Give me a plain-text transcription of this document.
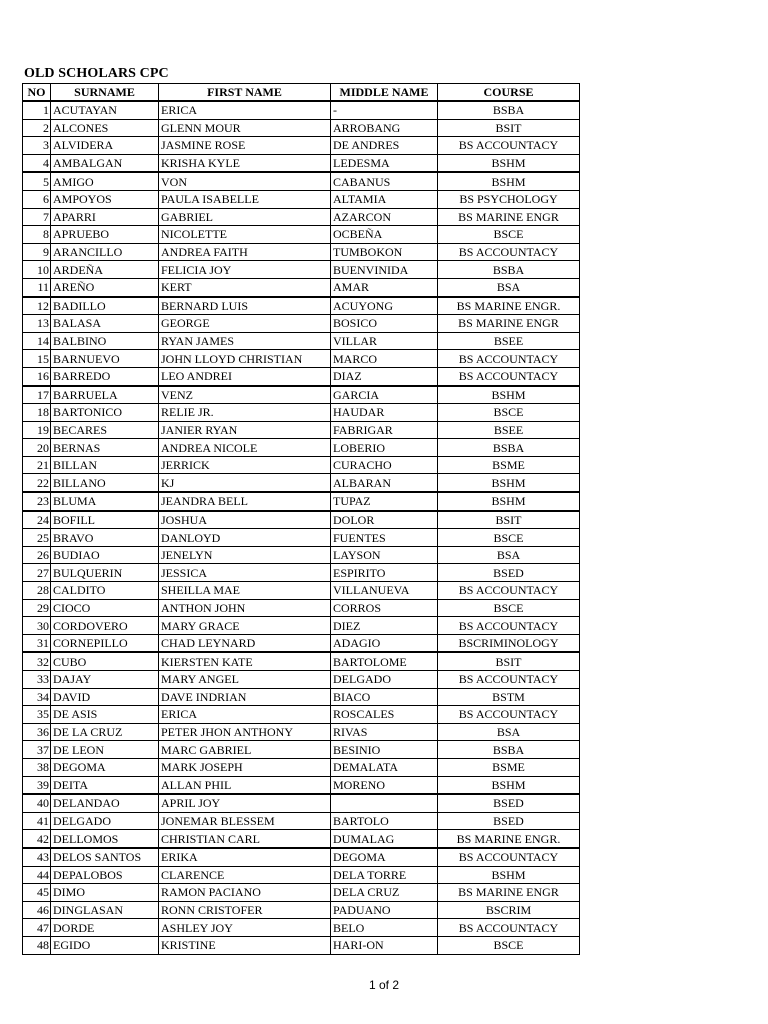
OLD SCHOLARS CPC
NO	SURNAME	FIRST NAME	MIDDLE NAME	COURSE
1	ACUTAYAN	ERICA	-	BSBA
2	ALCONES	GLENN MOUR	ARROBANG	BSIT
3	ALVIDERA	JASMINE ROSE	DE ANDRES	BS ACCOUNTACY
4	AMBALGAN	KRISHA KYLE	LEDESMA	BSHM
5	AMIGO	VON	CABANUS	BSHM
6	AMPOYOS	PAULA ISABELLE	ALTAMIA	BS PSYCHOLOGY
7	APARRI	GABRIEL	AZARCON	BS MARINE ENGR
8	APRUEBO	NICOLETTE	OCBEÑA	BSCE
9	ARANCILLO	ANDREA FAITH	TUMBOKON	BS ACCOUNTACY
10	ARDEÑA	FELICIA JOY	BUENVINIDA	BSBA
11	AREÑO	KERT	AMAR	BSA
12	BADILLO	BERNARD LUIS	ACUYONG	BS MARINE ENGR.
13	BALASA	GEORGE	BOSICO	BS MARINE ENGR
14	BALBINO	RYAN JAMES	VILLAR	BSEE
15	BARNUEVO	JOHN LLOYD CHRISTIAN	MARCO	BS ACCOUNTACY
16	BARREDO	LEO ANDREI	DIAZ	BS ACCOUNTACY
17	BARRUELA	VENZ	GARCIA	BSHM
18	BARTONICO	RELIE JR.	HAUDAR	BSCE
19	BECARES	JANIER RYAN	FABRIGAR	BSEE
20	BERNAS	ANDREA NICOLE	LOBERIO	BSBA
21	BILLAN	JERRICK	CURACHO	BSME
22	BILLANO	KJ	ALBARAN	BSHM
23	BLUMA	JEANDRA BELL	TUPAZ	BSHM
24	BOFILL	JOSHUA	DOLOR	BSIT
25	BRAVO	DANLOYD	FUENTES	BSCE
26	BUDIAO	JENELYN	LAYSON	BSA
27	BULQUERIN	JESSICA	ESPIRITO	BSED
28	CALDITO	SHEILLA MAE	VILLANUEVA	BS ACCOUNTACY
29	CIOCO	ANTHON JOHN	CORROS	BSCE
30	CORDOVERO	MARY GRACE	DIEZ	BS ACCOUNTACY
31	CORNEPILLO	CHAD LEYNARD	ADAGIO	BSCRIMINOLOGY
32	CUBO	KIERSTEN KATE	BARTOLOME	BSIT
33	DAJAY	MARY ANGEL	DELGADO	BS ACCOUNTACY
34	DAVID	DAVE INDRIAN	BIACO	BSTM
35	DE ASIS	ERICA	ROSCALES	BS ACCOUNTACY
36	DE LA CRUZ	PETER JHON ANTHONY	RIVAS	BSA
37	DE LEON	MARC GABRIEL	BESINIO	BSBA
38	DEGOMA	MARK JOSEPH	DEMALATA	BSME
39	DEITA	ALLAN PHIL	MORENO	BSHM
40	DELANDAO	APRIL JOY		BSED
41	DELGADO	JONEMAR BLESSEM	BARTOLO	BSED
42	DELLOMOS	CHRISTIAN CARL	DUMALAG	BS MARINE ENGR.
43	DELOS SANTOS	ERIKA	DEGOMA	BS ACCOUNTACY
44	DEPALOBOS	CLARENCE	DELA TORRE	BSHM
45	DIMO	RAMON PACIANO	DELA CRUZ	BS MARINE ENGR
46	DINGLASAN	RONN CRISTOFER	PADUANO	BSCRIM
47	DORDE	ASHLEY JOY	BELO	BS ACCOUNTACY
48	EGIDO	KRISTINE	HARI-ON	BSCE
1 of 2
